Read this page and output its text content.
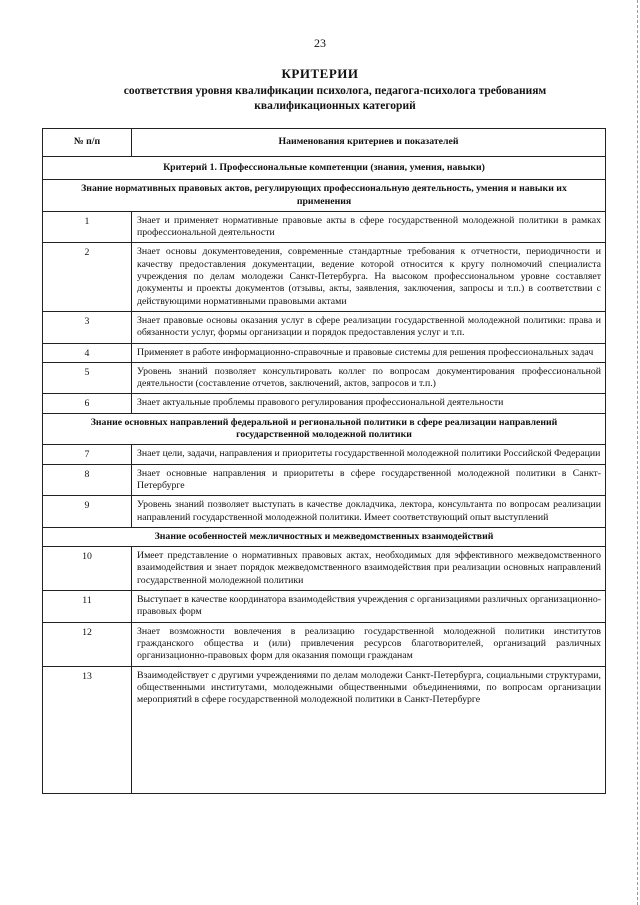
23
КРИТЕРИИ
соответствия уровня квалификации психолога, педагога-психолога требованиям квалификационных категорий
№ п/п	Наименования критериев и показателей
Критерий 1. Профессиональные компетенции (знания, умения, навыки)	
Знание нормативных правовых актов, регулирующих профессиональную деятельность, умения и навыки их применения	
1	Знает и применяет нормативные правовые акты в сфере государственной молодежной политики в рамках профессиональной деятельности
2	Знает основы документоведения, современные стандартные требования к отчетности, периодичности и качеству предоставления документации, ведение которой относится к кругу полномочий специалиста учреждения по делам молодежи Санкт-Петербурга. На высоком профессиональном уровне составляет документы и проекты документов (отзывы, акты, заявления, заключения, запросы и т.п.) в соответствии с действующими нормативными правовыми актами
3	Знает правовые основы оказания услуг в сфере реализации государственной молодежной политики: права и обязанности услуг, формы организации и порядок предоставления услуг и т.п.
4	Применяет в работе информационно-справочные и правовые системы для решения профессиональных задач
5	Уровень знаний позволяет консультировать коллег по вопросам документирования профессиональной деятельности (составление отчетов, заключений, актов, запросов и т.п.)
6	Знает актуальные проблемы правового регулирования профессиональной деятельности
Знание основных направлений федеральной и региональной политики в сфере реализации направлений государственной молодежной политики	
7	Знает цели, задачи, направления и приоритеты государственной молодежной политики Российской Федерации
8	Знает основные направления и приоритеты в сфере государственной молодежной политики в Санкт-Петербурге
9	Уровень знаний позволяет выступать в качестве докладчика, лектора, консультанта по вопросам реализации направлений государственной молодежной политики. Имеет соответствующий опыт выступлений
Знание особенностей межличностных и межведомственных взаимодействий	
10	Имеет представление о нормативных правовых актах, необходимых для эффективного межведомственного взаимодействия и знает порядок межведомственного взаимодействия при реализации основных направлений государственной молодежной политики
11	Выступает в качестве координатора взаимодействия учреждения с организациями различных организационно-правовых форм
12	Знает возможности вовлечения в реализацию государственной молодежной политики институтов гражданского общества и (или) привлечения ресурсов благотворителей, организаций различных организационно-правовых форм для оказания помощи гражданам
13	Взаимодействует с другими учреждениями по делам молодежи Санкт-Петербурга, социальными структурами, общественными институтами, молодежными общественными объединениями, по вопросам организации мероприятий в сфере государственной молодежной политики в Санкт-Петербурге
